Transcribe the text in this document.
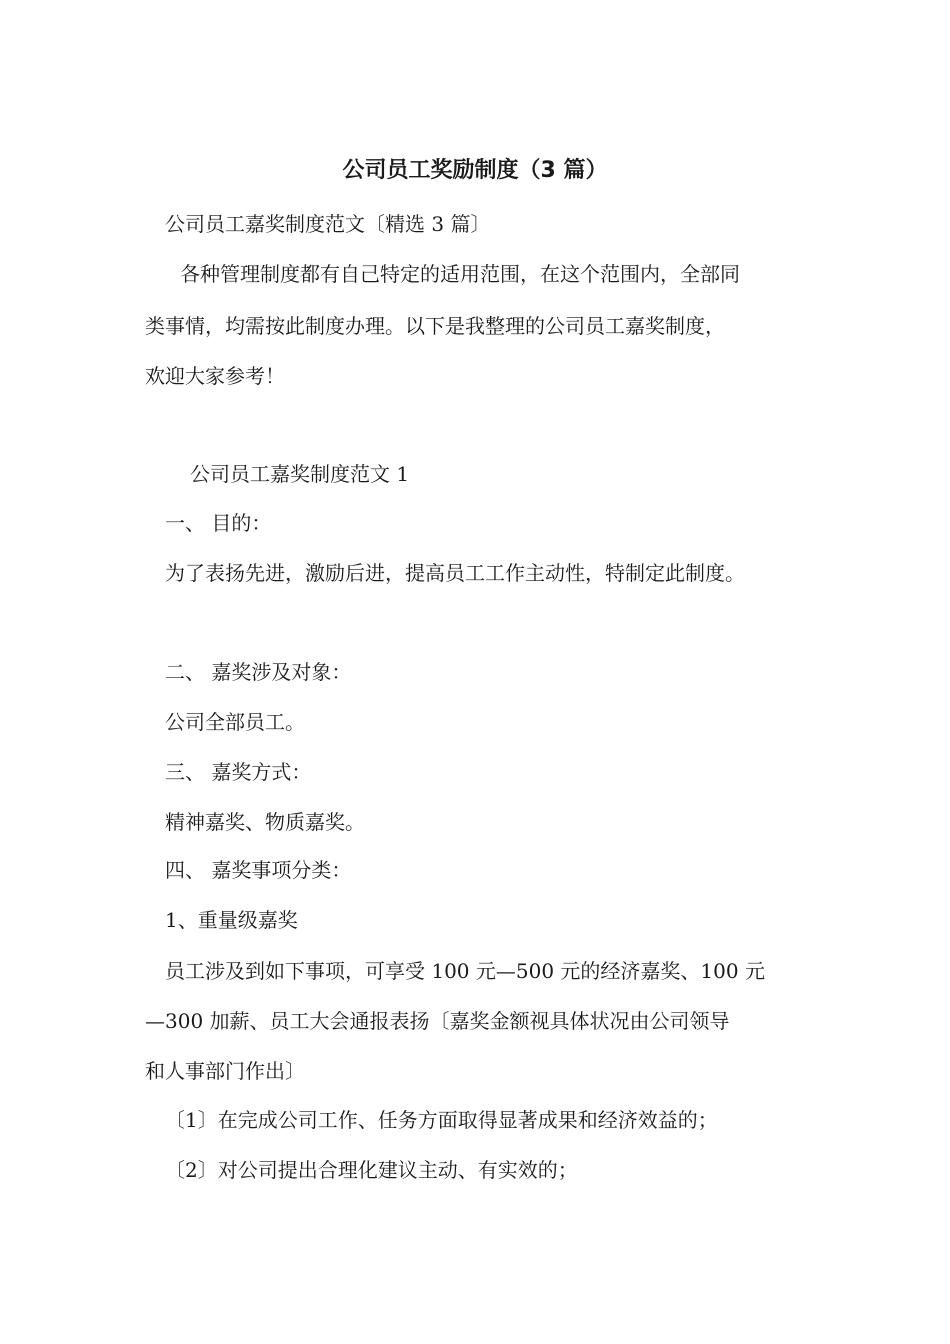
公司员工奖励制度（3 篇）
公司员工嘉奖制度范文〔精选 3 篇〕
各种管理制度都有自己特定的适用范围，在这个范围内，全部同
类事情，均需按此制度办理。以下是我整理的公司员工嘉奖制度，
欢迎大家参考！
公司员工嘉奖制度范文 1
一、 目的：
为了表扬先进，激励后进，提高员工工作主动性，特制定此制度。
二、 嘉奖涉及对象：
公司全部员工。
三、 嘉奖方式：
精神嘉奖、物质嘉奖。
四、 嘉奖事项分类：
1、重量级嘉奖
员工涉及到如下事项，可享受 100 元—500 元的经济嘉奖、100 元
—300 加薪、员工大会通报表扬〔嘉奖金额视具体状况由公司领导
和人事部门作出〕
〔1〕在完成公司工作、任务方面取得显著成果和经济效益的；
〔2〕对公司提出合理化建议主动、有实效的；
